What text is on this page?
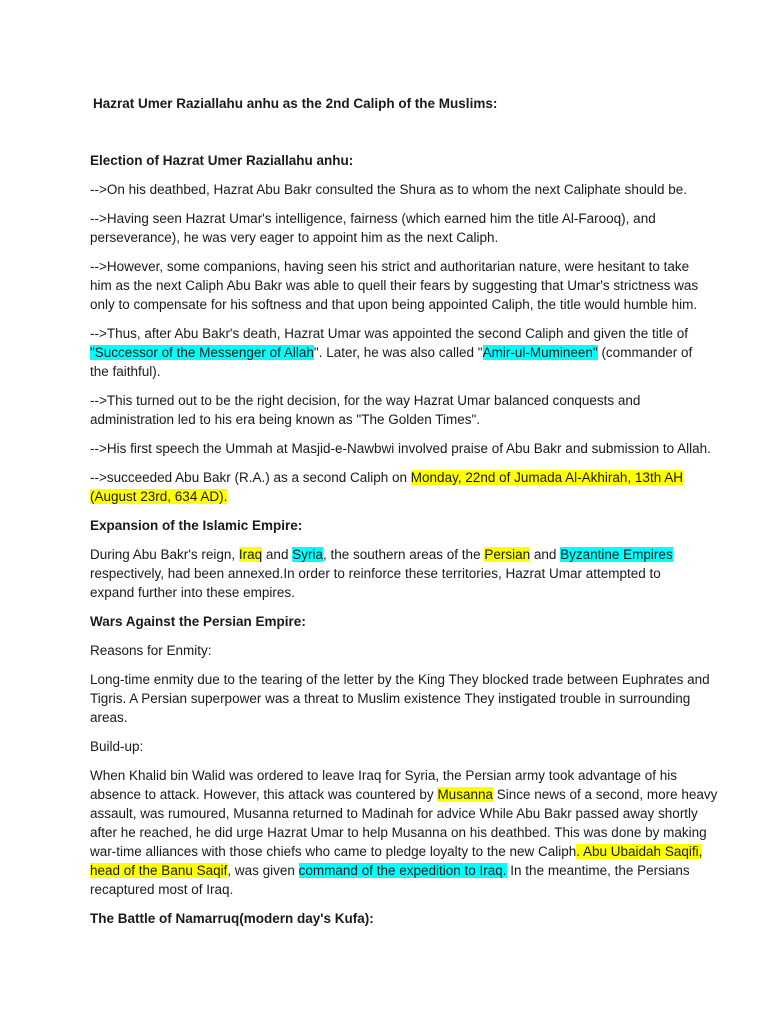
Hazrat Umer Raziallahu anhu as the 2nd Caliph of the Muslims:
Election of Hazrat Umer Raziallahu anhu:
-->On his deathbed, Hazrat Abu Bakr consulted the Shura as to whom the next Caliphate should be.
-->Having seen Hazrat Umar's intelligence, fairness (which earned him the title Al-Farooq), and
perseverance), he was very eager to appoint him as the next Caliph.
-->However, some companions, having seen his strict and authoritarian nature, were hesitant to take
him as the next Caliph Abu Bakr was able to quell their fears by suggesting that Umar's strictness was
only to compensate for his softness and that upon being appointed Caliph, the title would humble him.
-->Thus, after Abu Bakr's death, Hazrat Umar was appointed the second Caliph and given the title of
"Successor of the Messenger of Allah". Later, he was also called "Amir-ul-Mumineen" (commander of
the faithful).
-->This turned out to be the right decision, for the way Hazrat Umar balanced conquests and
administration led to his era being known as "The Golden Times".
-->His first speech the Ummah at Masjid-e-Nawbwi involved praise of Abu Bakr and submission to Allah.
-->succeeded Abu Bakr (R.A.) as a second Caliph on Monday, 22nd of Jumada Al-Akhirah, 13th AH
(August 23rd, 634 AD).
Expansion of the Islamic Empire:
During Abu Bakr's reign, Iraq and Syria, the southern areas of the Persian and Byzantine Empires
respectively, had been annexed.In order to reinforce these territories, Hazrat Umar attempted to
expand further into these empires.
Wars Against the Persian Empire:
Reasons for Enmity:
Long-time enmity due to the tearing of the letter by the King They blocked trade between Euphrates and
Tigris. A Persian superpower was a threat to Muslim existence They instigated trouble in surrounding
areas.
Build-up:
When Khalid bin Walid was ordered to leave Iraq for Syria, the Persian army took advantage of his
absence to attack. However, this attack was countered by Musanna Since news of a second, more heavy
assault, was rumoured, Musanna returned to Madinah for advice While Abu Bakr passed away shortly
after he reached, he did urge Hazrat Umar to help Musanna on his deathbed. This was done by making
war-time alliances with those chiefs who came to pledge loyalty to the new Caliph. Abu Ubaidah Saqifi,
head of the Banu Saqif, was given command of the expedition to Iraq. In the meantime, the Persians
recaptured most of Iraq.
The Battle of Namarruq(modern day's Kufa):
